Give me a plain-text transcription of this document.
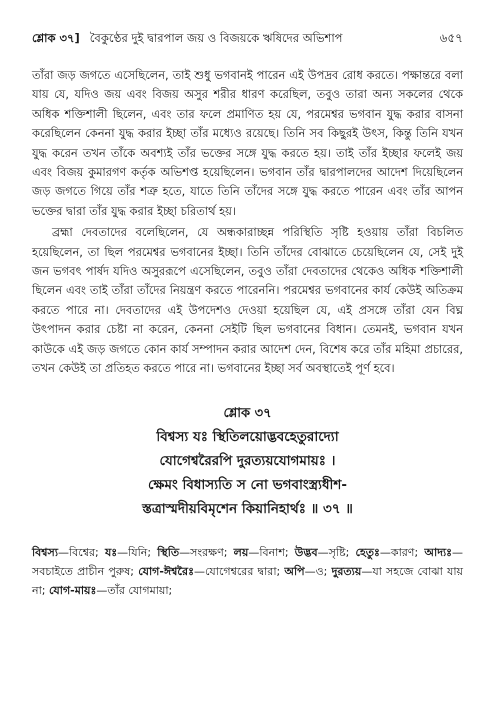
শ্লোক ৩৭] বৈকুণ্ঠের দুই দ্বারপাল জয় ও বিজয়কে ঋষিদের অভিশাপ	৬৫৭

তাঁরা জড় জগতে এসেছিলেন, তাই শুধু ভগবানই পারেন এই উপদ্রব রোধ করতে। পক্ষান্তরে বলা যায় যে, যদিও জয় এবং বিজয় অসুর শরীর ধারণ করেছিল, তবুও তারা অন্য সকলের থেকে অধিক শক্তিশালী ছিলেন, এবং তার ফলে প্রমাণিত হয় যে, পরমেশ্বর ভগবান যুদ্ধ করার বাসনা করেছিলেন কেননা যুদ্ধ করার ইচ্ছা তাঁর মধ্যেও রয়েছে। তিনি সব কিছুরই উৎস, কিন্তু তিনি যখন যুদ্ধ করেন তখন তাঁকে অবশ্যই তাঁর ভক্তের সঙ্গে যুদ্ধ করতে হয়। তাই তাঁর ইচ্ছার ফলেই জয় এবং বিজয় কুমারগণ কর্তৃক অভিশপ্ত হয়েছিলেন। ভগবান তাঁর দ্বারপালদের আদেশ দিয়েছিলেন জড় জগতে গিয়ে তাঁর শত্রু হতে, যাতে তিনি তাঁদের সঙ্গে যুদ্ধ করতে পারেন এবং তাঁর আপন ভক্তের দ্বারা তাঁর যুদ্ধ করার ইচ্ছা চরিতার্থ হয়।

ব্রহ্মা দেবতাদের বলেছিলেন, যে অন্ধকারাচ্ছন্ন পরিস্থিতি সৃষ্টি হওয়ায় তাঁরা বিচলিত হয়েছিলেন, তা ছিল পরমেশ্বর ভগবানের ইচ্ছা। তিনি তাঁদের বোঝাতে চেয়েছিলেন যে, সেই দুই জন ভগবৎ পার্ষদ যদিও অসুররূপে এসেছিলেন, তবুও তাঁরা দেবতাদের থেকেও অধিক শক্তিশালী ছিলেন এবং তাই তাঁরা তাঁদের নিয়ন্ত্রণ করতে পারেননি। পরমেশ্বর ভগবানের কার্য কেউই অতিক্রম করতে পারে না। দেবতাদের এই উপদেশও দেওয়া হয়েছিল যে, এই প্রসঙ্গে তাঁরা যেন বিঘ্ন উৎপাদন করার চেষ্টা না করেন, কেননা সেইটি ছিল ভগবানের বিধান। তেমনই, ভগবান যখন কাউকে এই জড় জগতে কোন কার্য সম্পাদন করার আদেশ দেন, বিশেষ করে তাঁর মহিমা প্রচারের, তখন কেউই তা প্রতিহত করতে পারে না। ভগবানের ইচ্ছা সর্ব অবস্থাতেই পূর্ণ হবে।

শ্লোক ৩৭

বিশ্বস্য যঃ স্থিতিলয়োদ্ভবহেতুরাদ্যো

যোগেশ্বরৈরপি দুরত্যয়যোগমায়ঃ ।

ক্ষেমং বিধাস্যতি স নো ভগবাংস্ত্র্যধীশ-

স্তত্রাস্মদীয়বিমৃশেন কিয়ানিহার্থঃ ॥ ৩৭ ॥

বিশ্বস্য—বিশ্বের; যঃ—যিনি; স্থিতি—সংরক্ষণ; লয়—বিনাশ; উদ্ভব—সৃষ্টি; হেতুঃ—কারণ; আদ্যঃ—সবচাইতে প্রাচীন পুরুষ; যোগ-ঈশ্বরৈঃ—যোগেশ্বরের দ্বারা; অপি—ও; দুরত্যয়—যা সহজে বোঝা যায় না; যোগ-মায়ঃ—তাঁর যোগমায়া;
